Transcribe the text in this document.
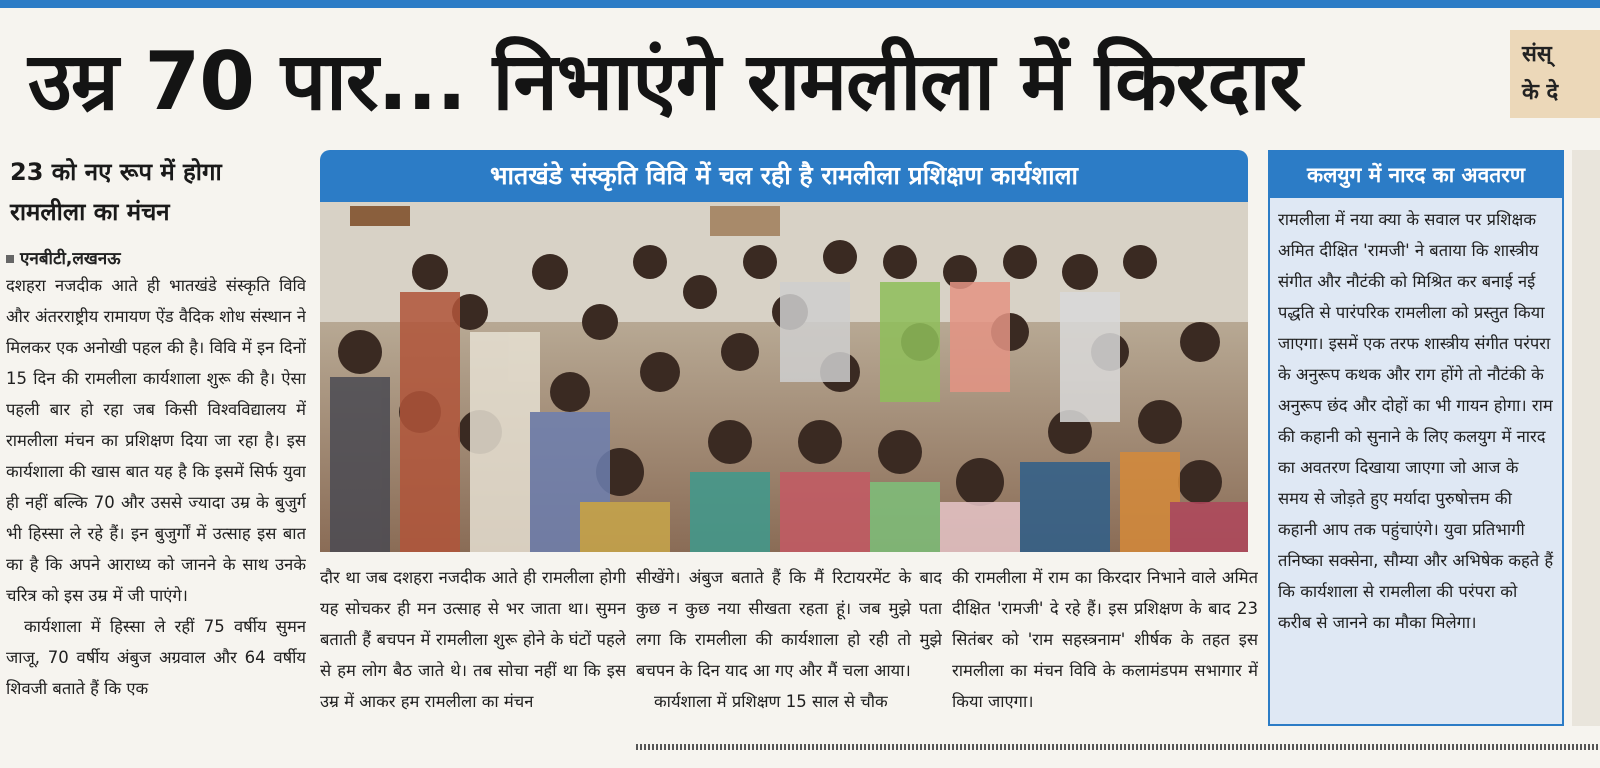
उम्र 70 पार... निभाएंगे रामलीला में किरदार	संस्
के दे
23 को नए रूप में होगा
रामलीला का मंचन
एनबीटी,लखनऊ

दशहरा नजदीक आते ही भातखंडे संस्कृति विवि और अंतरराष्ट्रीय रामायण ऐंड वैदिक शोध संस्थान ने मिलकर एक अनोखी पहल की है। विवि में इन दिनों 15 दिन की रामलीला कार्यशाला शुरू की है। ऐसा पहली बार हो रहा जब किसी विश्वविद्यालय में रामलीला मंचन का प्रशिक्षण दिया जा रहा है। इस कार्यशाला की खास बात यह है कि इसमें सिर्फ युवा ही नहीं बल्कि 70 और उससे ज्यादा उम्र के बुजुर्ग भी हिस्सा ले रहे हैं। इन बुजुर्गों में उत्साह इस बात का है कि अपने आराध्य को जानने के साथ उनके चरित्र को इस उम्र में जी पाएंगे।

कार्यशाला में हिस्सा ले रहीं 75 वर्षीय सुमन जाजू, 70 वर्षीय अंबुज अग्रवाल और 64 वर्षीय शिवजी बताते हैं कि एक

भातखंडे संस्कृति विवि में चल रही है रामलीला प्रशिक्षण कार्यशाला

दौर था जब दशहरा नजदीक आते ही रामलीला होगी यह सोचकर ही मन उत्साह से भर जाता था। सुमन बताती हैं बचपन में रामलीला शुरू होने के घंटों पहले से हम लोग बैठ जाते थे। तब सोचा नहीं था कि इस उम्र में आकर हम रामलीला का मंचन

सीखेंगे। अंबुज बताते हैं कि मैं रिटायरमेंट के बाद कुछ न कुछ नया सीखता रहता हूं। जब मुझे पता लगा कि रामलीला की कार्यशाला हो रही तो मुझे बचपन के दिन याद आ गए और मैं चला आया।

कार्यशाला में प्रशिक्षण 15 साल से चौक

की रामलीला में राम का किरदार निभाने वाले अमित दीक्षित 'रामजी' दे रहे हैं। इस प्रशिक्षण के बाद 23 सितंबर को 'राम सहस्त्रनाम' शीर्षक के तहत इस रामलीला का मंचन विवि के कलामंडपम सभागार में किया जाएगा।

कलयुग में नारद का अवतरण

रामलीला में नया क्या के सवाल पर प्रशिक्षक अमित दीक्षित 'रामजी' ने बताया कि शास्त्रीय संगीत और नौटंकी को मिश्रित कर बनाई नई पद्धति से पारंपरिक रामलीला को प्रस्तुत किया जाएगा। इसमें एक तरफ शास्त्रीय संगीत परंपरा के अनुरूप कथक और राग होंगे तो नौटंकी के अनुरूप छंद और दोहों का भी गायन होगा। राम की कहानी को सुनाने के लिए कलयुग में नारद का अवतरण दिखाया जाएगा जो आज के समय से जोड़ते हुए मर्यादा पुरुषोत्तम की कहानी आप तक पहुंचाएंगे। युवा प्रतिभागी तनिष्का सक्सेना, सौम्या और अभिषेक कहते हैं कि कार्यशाला से रामलीला की परंपरा को करीब से जानने का मौका मिलेगा।
